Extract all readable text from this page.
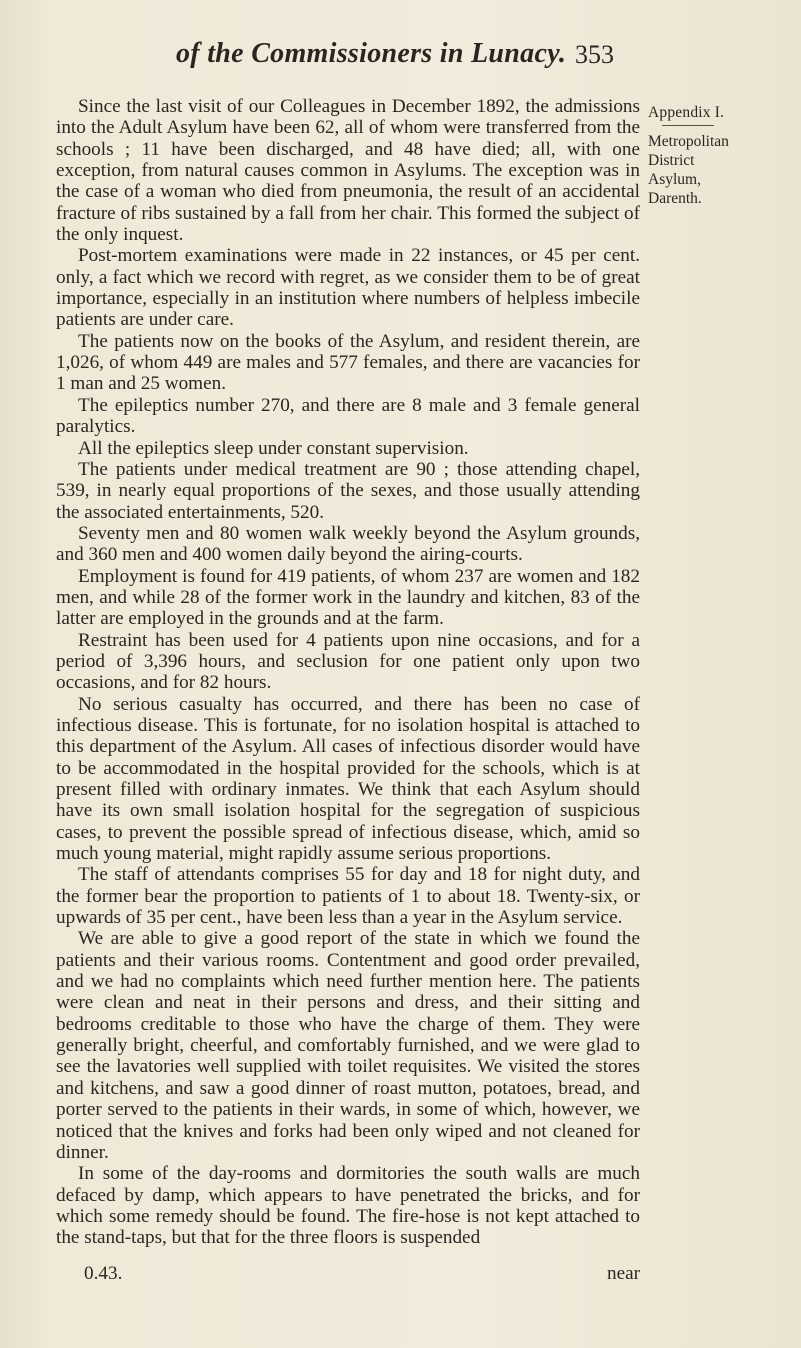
of the Commissioners in Lunacy. 353
Appendix I.
Metropolitan
District
Asylum,
Darenth.

Since the last visit of our Colleagues in December 1892, the admissions into the Adult Asylum have been 62, all of whom were transferred from the schools ; 11 have been discharged, and 48 have died; all, with one exception, from natural causes common in Asylums. The exception was in the case of a woman who died from pneumonia, the result of an accidental fracture of ribs sustained by a fall from her chair. This formed the subject of the only inquest.

Post-mortem examinations were made in 22 instances, or 45 per cent. only, a fact which we record with regret, as we consider them to be of great importance, especially in an institution where numbers of helpless imbecile patients are under care.

The patients now on the books of the Asylum, and resident therein, are 1,026, of whom 449 are males and 577 females, and there are vacancies for 1 man and 25 women.

The epileptics number 270, and there are 8 male and 3 female general paralytics.

All the epileptics sleep under constant supervision.

The patients under medical treatment are 90 ; those attending chapel, 539, in nearly equal proportions of the sexes, and those usually attending the associated entertainments, 520.

Seventy men and 80 women walk weekly beyond the Asylum grounds, and 360 men and 400 women daily beyond the airing-courts.

Employment is found for 419 patients, of whom 237 are women and 182 men, and while 28 of the former work in the laundry and kitchen, 83 of the latter are employed in the grounds and at the farm.

Restraint has been used for 4 patients upon nine occasions, and for a period of 3,396 hours, and seclusion for one patient only upon two occasions, and for 82 hours.

No serious casualty has occurred, and there has been no case of infectious disease. This is fortunate, for no isolation hospital is attached to this department of the Asylum. All cases of infectious disorder would have to be accommodated in the hospital provided for the schools, which is at present filled with ordinary inmates. We think that each Asylum should have its own small isolation hospital for the segregation of suspicious cases, to prevent the possible spread of infectious disease, which, amid so much young material, might rapidly assume serious proportions.

The staff of attendants comprises 55 for day and 18 for night duty, and the former bear the proportion to patients of 1 to about 18. Twenty-six, or upwards of 35 per cent., have been less than a year in the Asylum service.

We are able to give a good report of the state in which we found the patients and their various rooms. Contentment and good order prevailed, and we had no complaints which need further mention here. The patients were clean and neat in their persons and dress, and their sitting and bedrooms creditable to those who have the charge of them. They were generally bright, cheerful, and comfortably furnished, and we were glad to see the lavatories well supplied with toilet requisites. We visited the stores and kitchens, and saw a good dinner of roast mutton, potatoes, bread, and porter served to the patients in their wards, in some of which, however, we noticed that the knives and forks had been only wiped and not cleaned for dinner.

In some of the day-rooms and dormitories the south walls are much defaced by damp, which appears to have penetrated the bricks, and for which some remedy should be found. The fire-hose is not kept attached to the stand-taps, but that for the three floors is suspended

0.43.	near
